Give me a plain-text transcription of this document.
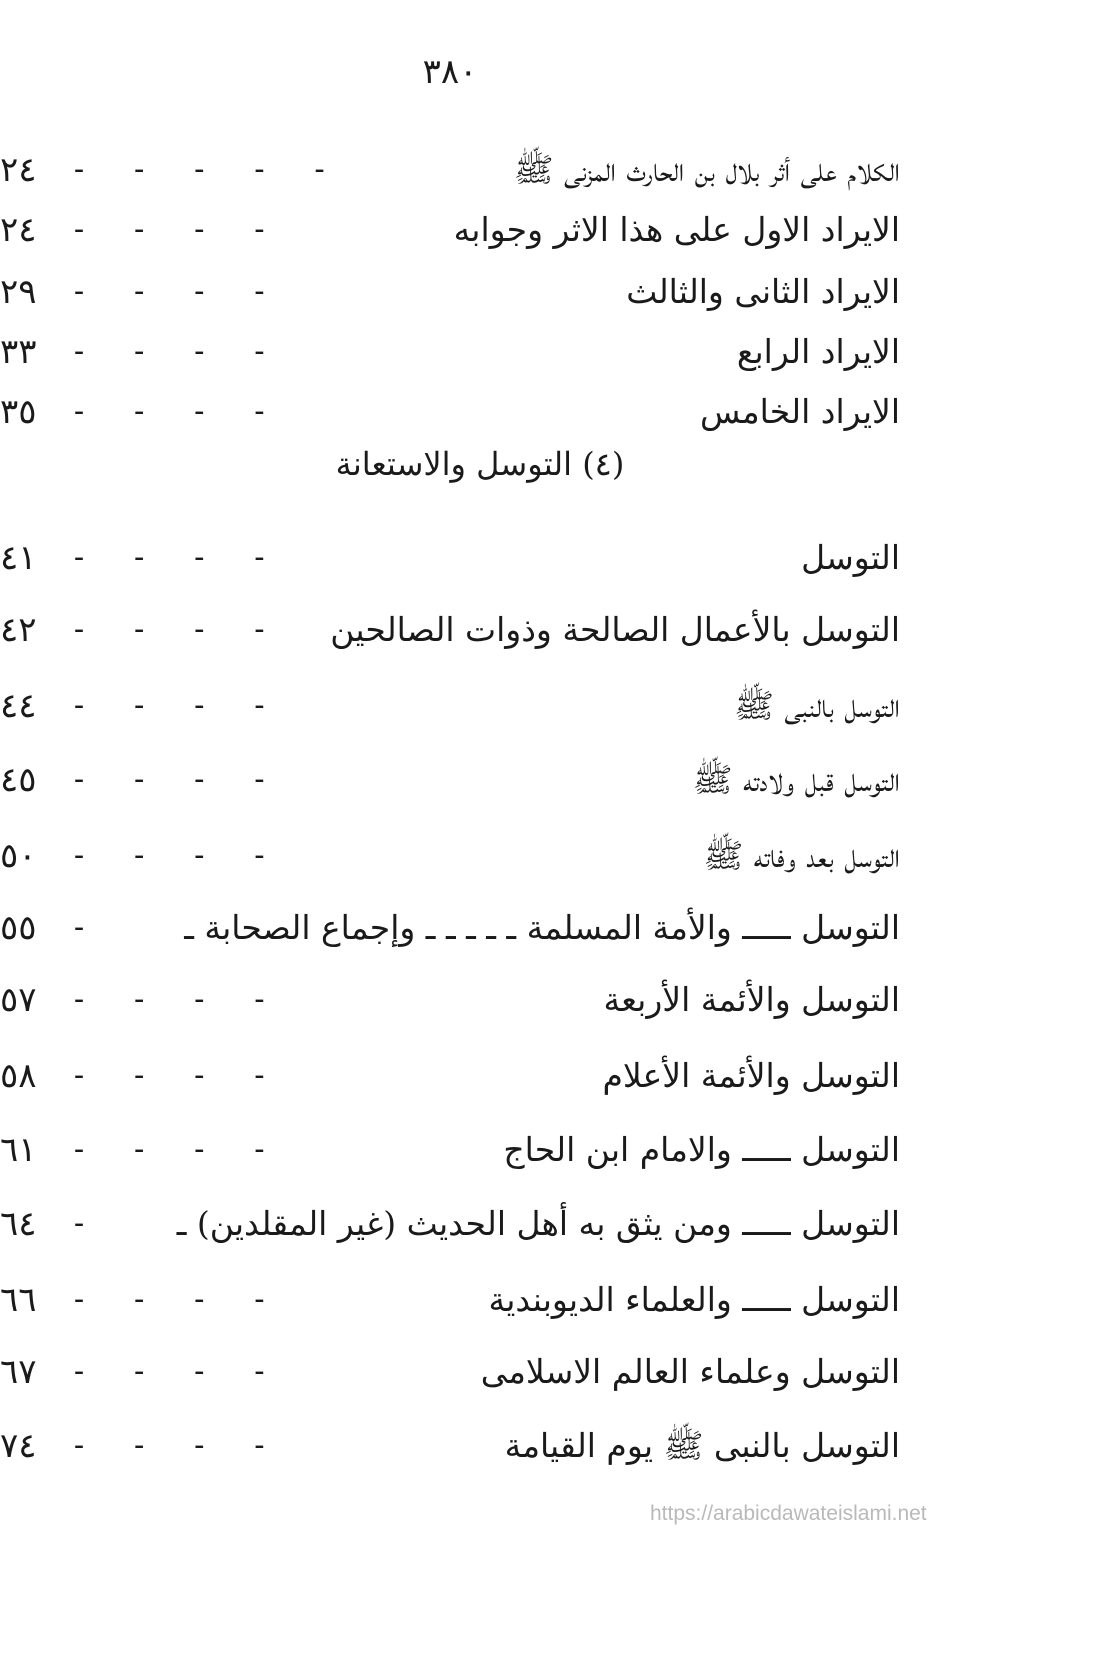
٣٨٠
الكلام على أثر بلال بن الحارث المزنى ﷺ
- - - - -
٢٤
الايراد الاول على هذا الاثر وجوابه
- - - -
٢٤
الايراد الثانى والثالث
- - - -
٢٩
الايراد الرابع
- - - -
٣٣
الايراد الخامس
- - - -
٣٥
(٤) التوسل والاستعانة
التوسل
- - - -
٤١
التوسل بالأعمال الصالحة وذوات الصالحين
- - - -
٤٢
التوسل بالنبى ﷺ
- - - -
٤٤
التوسل قبل ولادته ﷺ
- - - -
٤٥
التوسل بعد وفاته ﷺ
- - - -
٥٠
التوسل ـــــ والأمة المسلمة ـ ـ ـ ـ ـ وإجماع الصحابة ـ
-
٥٥
التوسل والأئمة الأربعة
- - - -
٥٧
التوسل والأئمة الأعلام
- - - -
٥٨
التوسل ـــــ والامام ابن الحاج
- - - -
٦١
التوسل ـــــ ومن يثق به أهل الحديث (غير المقلدين) ـ
-
٦٤
التوسل ـــــ والعلماء الديوبندية
- - - -
٦٦
التوسل وعلماء العالم الاسلامى
- - - -
٦٧
التوسل بالنبى ﷺ يوم القيامة
- - - -
٧٤
https://arabicdawateislami.net
